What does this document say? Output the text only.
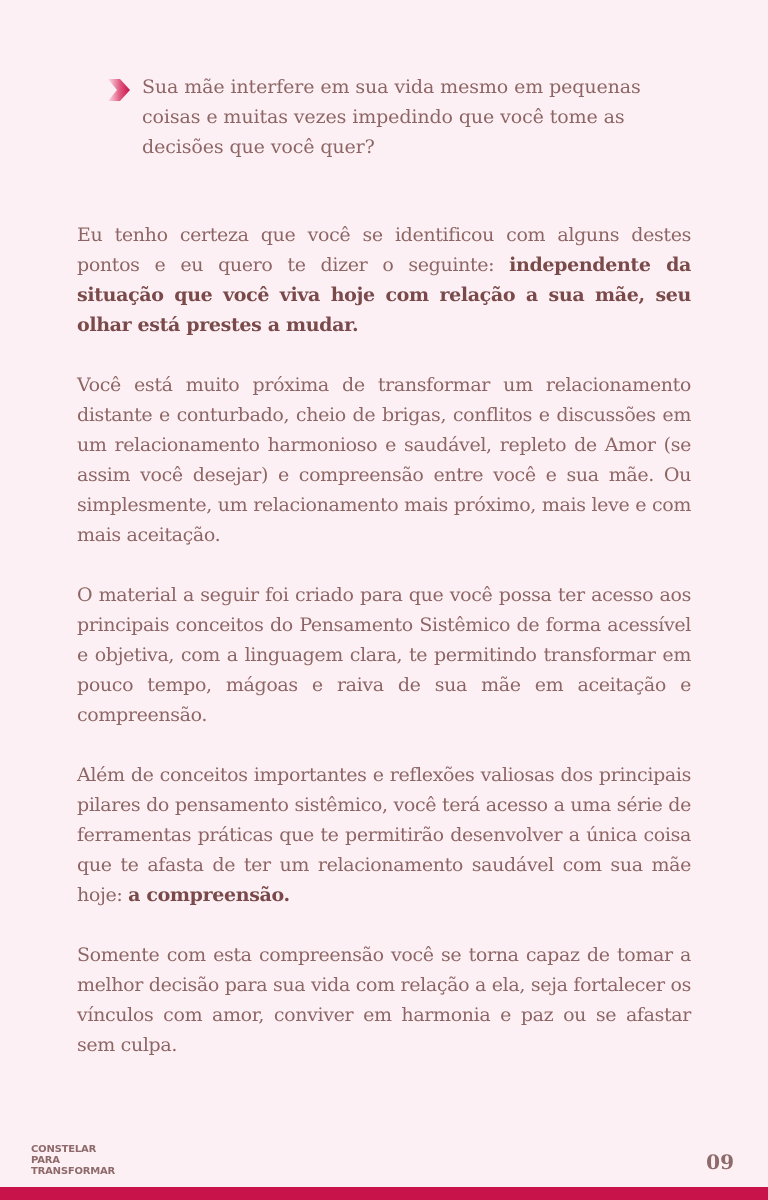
Sua mãe interfere em sua vida mesmo em pequenas coisas e muitas vezes impedindo que você tome as decisões que você quer?

Eu tenho certeza que você se identificou com alguns destes pontos e eu quero te dizer o seguinte: independente da situação que você viva hoje com relação a sua mãe, seu olhar está prestes a mudar.

Você está muito próxima de transformar um relacionamento distante e conturbado, cheio de brigas, conflitos e discussões em um relacionamento harmonioso e saudável, repleto de Amor (se assim você desejar) e compreensão entre você e sua mãe. Ou simplesmente, um relacionamento mais próximo, mais leve e com mais aceitação.

O material a seguir foi criado para que você possa ter acesso aos principais conceitos do Pensamento Sistêmico de forma acessível e objetiva, com a linguagem clara, te permitindo transformar em pouco tempo, mágoas e raiva de sua mãe em aceitação e compreensão.

Além de conceitos importantes e reflexões valiosas dos principais pilares do pensamento sistêmico, você terá acesso a uma série de ferramentas práticas que te permitirão desenvolver a única coisa que te afasta de ter um relacionamento saudável com sua mãe hoje: a compreensão.

Somente com esta compreensão você se torna capaz de tomar a melhor decisão para sua vida com relação a ela, seja fortalecer os vínculos com amor, conviver em harmonia e paz ou se afastar sem culpa.

CONSTELAR
PARA
TRANSFORMAR	09
